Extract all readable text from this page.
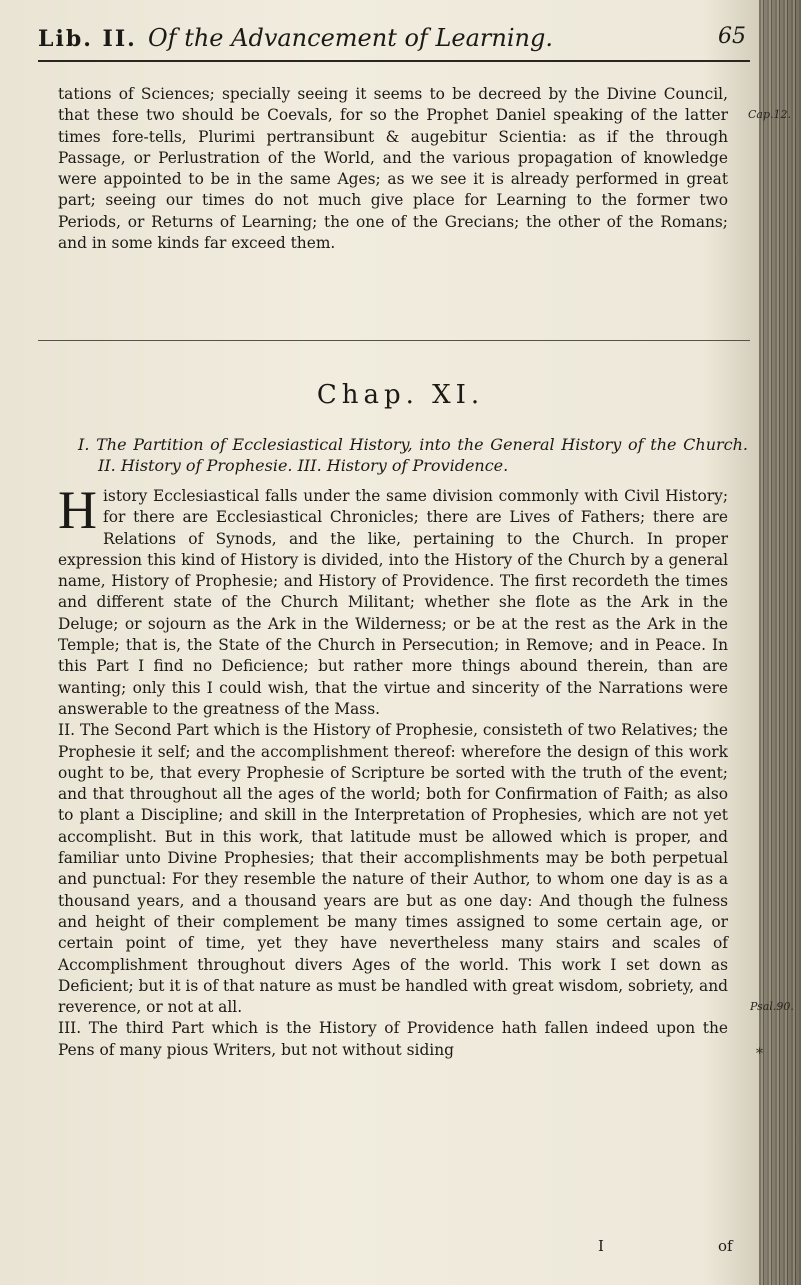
Lib. II. Of the Advancement of Learning.	65

tations of Sciences; specially seeing it seems to be decreed by the Divine Council, that these two should be Coevals, for so the Prophet Daniel speaking of the latter times fore-tells, Plurimi pertransibunt & augebitur Scientia: as if the through Passage, or Perlustration of the World, and the various propagation of knowledge were appointed to be in the same Ages; as we see it is already performed in great part; seeing our times do not much give place for Learning to the former two Periods, or Returns of Learning; the one of the Grecians; the other of the Romans; and in some kinds far exceed them.

Cap.12.
Chap. XI.
I. The Partition of Ecclesiastical History, into the General History of the Church. II. History of Prophesie. III. History of Providence.
H istory Ecclesiastical falls under the same division commonly with Civil History; for there are Ecclesiastical Chronicles; there are Lives of Fathers; there are Relations of Synods, and the like, pertaining to the Church. In proper expression this kind of History is divided, into the History of the Church by a general name, History of Prophesie; and History of Providence. The first recordeth the times and different state of the Church Militant; whether she flote as the Ark in the Deluge; or sojourn as the Ark in the Wilderness; or be at the rest as the Ark in the Temple; that is, the State of the Church in Persecution; in Remove; and in Peace. In this Part I find no Deficience; but rather more things abound therein, than are wanting; only this I could wish, that the virtue and sincerity of the Narrations were answerable to the greatness of the Mass.

II. The Second Part which is the History of Prophesie, consisteth of two Relatives; the Prophesie it self; and the accomplishment thereof: wherefore the design of this work ought to be, that every Prophesie of Scripture be sorted with the truth of the event; and that throughout all the ages of the world; both for Confirmation of Faith; as also to plant a Discipline; and skill in the Interpretation of Prophesies, which are not yet accomplisht. But in this work, that latitude must be allowed which is proper, and familiar unto Divine Prophesies; that their accomplishments may be both perpetual and punctual: For they resemble the nature of their Author, to whom one day is as a thousand years, and a thousand years are but as one day: And though the fulness and height of their complement be many times assigned to some certain age, or certain point of time, yet they have nevertheless many stairs and scales of Accomplishment throughout divers Ages of the world. This work I set down as Deficient; but it is of that nature as must be handled with great wisdom, sobriety, and reverence, or not at all.

III. The third Part which is the History of Providence hath fallen indeed upon the Pens of many pious Writers, but not without siding

Psal.90.
*
I	of
